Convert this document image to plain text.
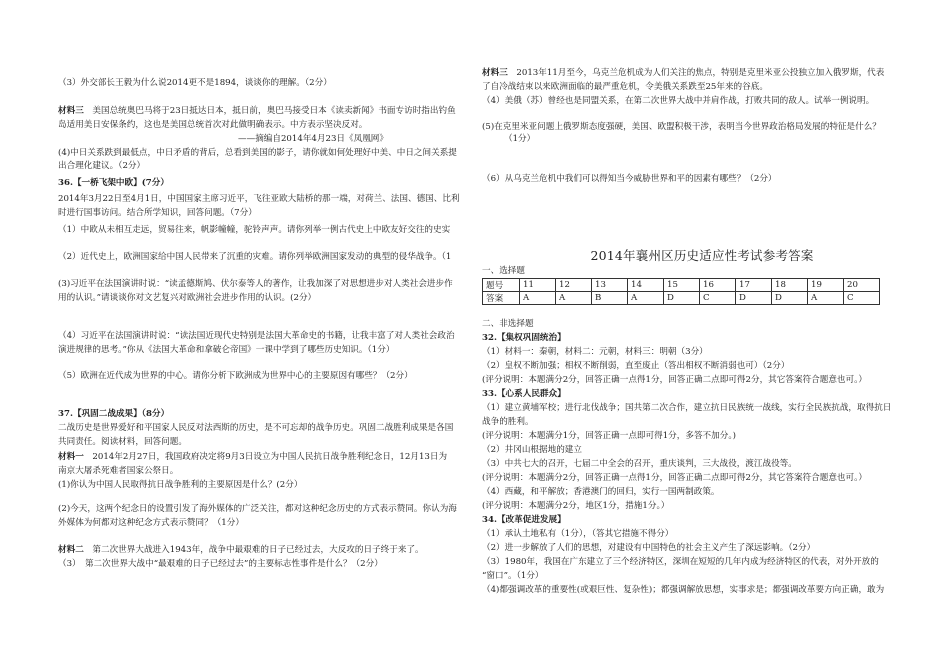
（3）外交部长王毅为什么说2014更不是1894，谈谈你的理解。（2分）
材料三　美国总统奥巴马将于23日抵达日本，抵日前，奥巴马接受日本《读卖新闻》书面专访时指出钓鱼
岛适用美日安保条约，这也是美国总统首次对此做明确表示。中方表示坚决反对。
——摘编自2014年4月23日《凤凰网》
(4)中日关系跌到最低点，中日矛盾的背后，总看到美国的影子，请你就如何处理好中美、中日之间关系提
出合理化建议。（2分）
36.【一桥飞架中欧】(7分）
2014年3月22日至4月1日，中国国家主席习近平，飞往亚欧大陆桥的那一端，对荷兰、法国、德国、比利
时进行国事访问。结合所学知识，回答问题。（7分）
（1）中欧从未相互走远，贸易往来，帆影幢幢，驼铃声声。请你列举一例古代史上中欧友好交往的史实
（2）近代史上，欧洲国家给中国人民带来了沉重的灾难。请你列举欧洲国家发动的典型的侵华战争。（1
(3)习近平在法国演讲时说：“读孟德斯鸠、伏尔泰等人的著作，让我加深了对思想进步对人类社会进步作
用的认识。”请谈谈你对文艺复兴对欧洲社会进步作用的认识。(2分）
（4）习近平在法国演讲时说：“读法国近现代史特别是法国大革命史的书籍，让我丰富了对人类社会政治
演进规律的思考。”你从《法国大革命和拿破仑帝国》一课中学到了哪些历史知识。（1分）
（5）欧洲在近代成为世界的中心。请你分析下欧洲成为世界中心的主要原因有哪些？（2分）
37.【巩固二战成果】（8分）
二战历史是世界爱好和平国家人民反对法西斯的历史，是不可忘却的战争历史。巩固二战胜利成果是各国
共同责任。阅读材料，回答问题。
材料一　2014年2月27日，我国政府决定将9月3日设立为中国人民抗日战争胜利纪念日，12月13日为
南京大屠杀死难者国家公祭日。
(1)你认为中国人民取得抗日战争胜利的主要原因是什么？(2分）
(2)今天，这两个纪念日的设置引发了海外媒体的广泛关注，都对这种纪念历史的方式表示赞同。你认为海
外媒体为何都对这种纪念方式表示赞同？（1分）
材料二　第二次世界大战进入1943年，战争中最艰难的日子已经过去，大反攻的日子终于来了。
（3）　第二次世界大战中“最艰难的日子已经过去”的主要标志性事件是什么？（2分）
材料三　2013年11月至今，乌克兰危机成为人们关注的焦点，特别是克里米亚公投独立加入俄罗斯，代表
了自冷战结束以来欧洲面临的最严重危机，令美俄关系跌至25年来的谷底。
（4）美俄（苏）曾经也是同盟关系，在第二次世界大战中并肩作战，打败共同的敌人。试举一例说明。
(5)在克里米亚问题上俄罗斯态度强硬，美国、欧盟积极干涉，表明当今世界政治格局发展的特征是什么？
（1分）
（6）从乌克兰危机中我们可以得知当今威胁世界和平的因素有哪些？（2分）
2014年襄州区历史适应性考试参考答案
一、选择题
题号	11	12	13	14	15	16	17	18	19	20
答案	A	A	B	A	D	C	D	D	A	C
二、非选择题
32.【集权巩固统治】
（1）材料一：秦朝，材料二：元朝，材料三：明朝（3分）
（2）皇权不断加强；相权不断削弱，直至废止（答出相权不断消弱也可）（2分）
(评分说明：本题满分2分，回答正确一点得1分，回答正确二点即可得2分，其它答案符合题意也可。）
33.【心系人民群众】
（1）建立黄埔军校；进行北伐战争；国共第二次合作，建立抗日民族统一战线，实行全民族抗战，取得抗日
战争的胜利。
(评分说明：本题满分1分，回答正确一点即可得1分，多答不加分。)
（2）井冈山根据地的建立
（3）中共七大的召开，七届二中全会的召开，重庆谈判，三大战役，渡江战役等。
(评分说明：本题满分2分，回答正确一点得1分，回答正确二点即可得2分，其它答案符合题意也可。）
（4）西藏，和平解放；香港澳门的回归，实行一国两制政策。
(评分说明：本题满分2分，地区1分，措施1分。）
34.【改革促进发展】
（1）承认土地私有（1分），（答其它措施不得分）
（2）进一步解放了人们的思想，对建设有中国特色的社会主义产生了深远影响。（2分）
（3）1980年，我国在广东建立了三个经济特区，深圳在短短的几年内成为经济特区的代表，对外开放的
“窗口”。（1分）
（4)都强调改革的重要性(或艰巨性、复杂性)；都强调解放思想，实事求是；都强调改革要方向正确，敢为
